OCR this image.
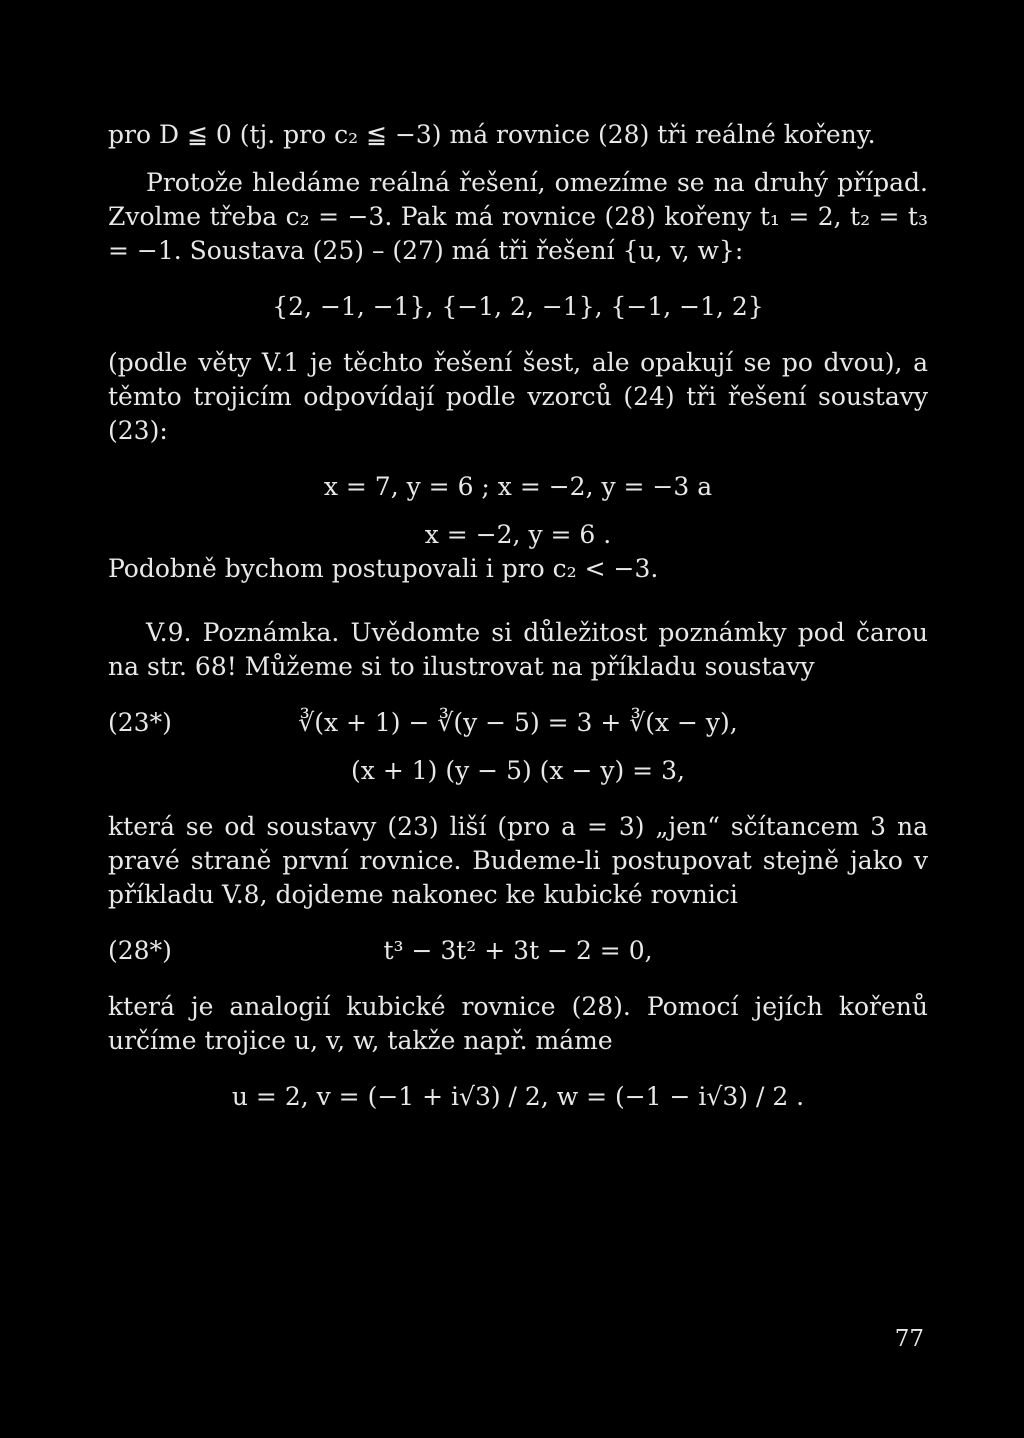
pro D ≦ 0 (tj. pro c₂ ≦ −3) má rovnice (28) tři reálné kořeny.

Protože hledáme reálná řešení, omezíme se na druhý případ. Zvolme třeba c₂ = −3. Pak má rovnice (28) kořeny t₁ = 2, t₂ = t₃ = −1. Soustava (25) – (27) má tři řešení {u, v, w}:

{2, −1, −1}, {−1, 2, −1}, {−1, −1, 2}

(podle věty V.1 je těchto řešení šest, ale opakují se po dvou), a těmto trojicím odpovídají podle vzorců (24) tři řešení soustavy (23):

x = 7, y = 6 ; x = −2, y = −3 a

x = −2, y = 6 .

Podobně bychom postupovali i pro c₂ < −3.

V.9. Poznámka. Uvědomte si důležitost poznámky pod čarou na str. 68! Můžeme si to ilustrovat na příkladu soustavy

(23*)	∛(x + 1) − ∛(y − 5) = 3 + ∛(x − y),

(x + 1) (y − 5) (x − y) = 3,

která se od soustavy (23) liší (pro a = 3) „jen“ sčítancem 3 na pravé straně první rovnice. Budeme-li postupovat stejně jako v příkladu V.8, dojdeme nakonec ke kubické rovnici

(28*)	t³ − 3t² + 3t − 2 = 0,

která je analogií kubické rovnice (28). Pomocí jejích kořenů určíme trojice u, v, w, takže např. máme

u = 2, v = (−1 + i√3) / 2, w = (−1 − i√3) / 2 .

77
